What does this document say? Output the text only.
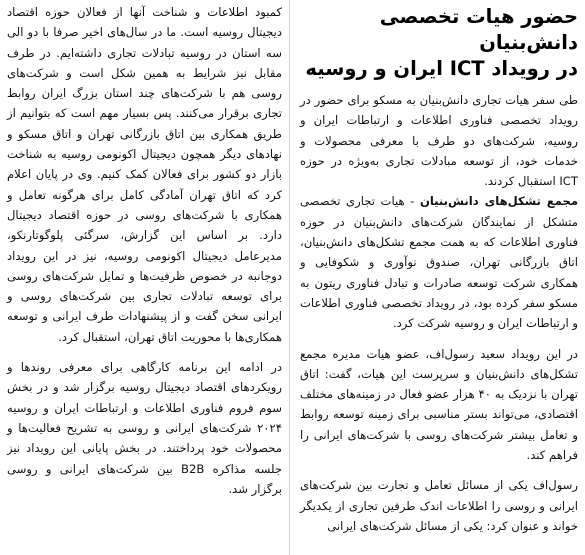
حضور هیات تخصصی دانش‌بنیان
در رویداد ICT ایران و روسیه

طی سفر هیات تجاری دانش‌بنیان به مسکو برای حضور در رویداد تخصصی فناوری اطلاعات و ارتباطات ایران و روسیه، شرکت‌های دو طرف با معرفی محصولات و خدمات خود، از توسعه مبادلات تجاری به‌ویژه در حوزه ICT استقبال کردند.

مجمع تشکل‌های دانش‌بنیان - هیات تجاری تخصصی متشکل از نمایندگان شرکت‌های دانش‌بنیان در حوزه فناوری اطلاعات که به همت مجمع تشکل‌های دانش‌بنیان، اتاق بازرگانی تهران، صندوق نوآوری و شکوفایی و همکاری شرکت توسعه صادرات و تبادل فناوری ریتون به مسکو سفر کرده بود، در رویداد تخصصی فناوری اطلاعات و ارتباطات ایران و روسیه شرکت کرد.

در این رویداد سعید رسول‌اف، عضو هیات مدیره مجمع تشکل‌های دانش‌بنیان و سرپرست این هیات، گفت: اتاق تهران با نزدیک به ۴۰ هزار عضو فعال در زمینه‌های مختلف اقتصادی، می‌تواند بستر مناسبی برای زمینه توسعه روابط و تعامل بیشتر شرکت‌های روسی با شرکت‌های ایرانی را فراهم کند.

رسول‌اف یکی از مسائل تعامل و تجارت بین شرکت‌های ایرانی و روسی را اطلاعات اندک طرفین تجاری از یکدیگر خواند و عنوان کرد: یکی از مسائل شرکت‌های ایرانی

کمبود اطلاعات و شناخت آنها از فعالان حوزه اقتصاد دیجیتال روسیه است. ما در سال‌های اخیر صرفا با دو الی سه استان در روسیه تبادلات تجاری داشته‌ایم. در طرف مقابل نیز شرایط به همین شکل است و شرکت‌های روسی هم با شرکت‌های چند استان بزرگ ایران روابط تجاری برقرار می‌کنند. پس بسیار مهم است که بتوانیم از طریق همکاری بین اتاق بازرگانی تهران و اتاق مسکو و نهادهای دیگر همچون دیجیتال اکونومی روسیه به شناخت بازار دو کشور برای فعالان کمک کنیم. وی در پایان اعلام کرد که اتاق تهران آمادگی کامل برای هرگونه تعامل و همکاری با شرکت‌های روسی در حوزه اقتصاد دیجیتال دارد. بر اساس این گزارش، سرگئی پلوگوتارنکو، مدیرعامل دیجیتال اکونومی روسیه، نیز در این رویداد دوجانبه در خصوص ظرفیت‌ها و تمایل شرکت‌های روسی برای توسعه تبادلات تجاری بین شرکت‌های روسی و ایرانی سخن گفت و از پیشنهادات طرف ایرانی و توسعه همکاری‌ها با محوریت اتاق تهران، استقبال کرد.

در ادامه این برنامه کارگاهی برای معرفی روندها و رویکردهای اقتصاد دیجیتال روسیه برگزار شد و در بخش سوم فروم فناوری اطلاعات و ارتباطات ایران و روسیه ۲۰۲۴ شرکت‌های ایرانی و روسی به تشریح فعالیت‌ها و محصولات خود پرداختند. در بخش پایانی این رویداد نیز جلسه مذاکره B2B بین شرکت‌های ایرانی و روسی برگزار شد.
